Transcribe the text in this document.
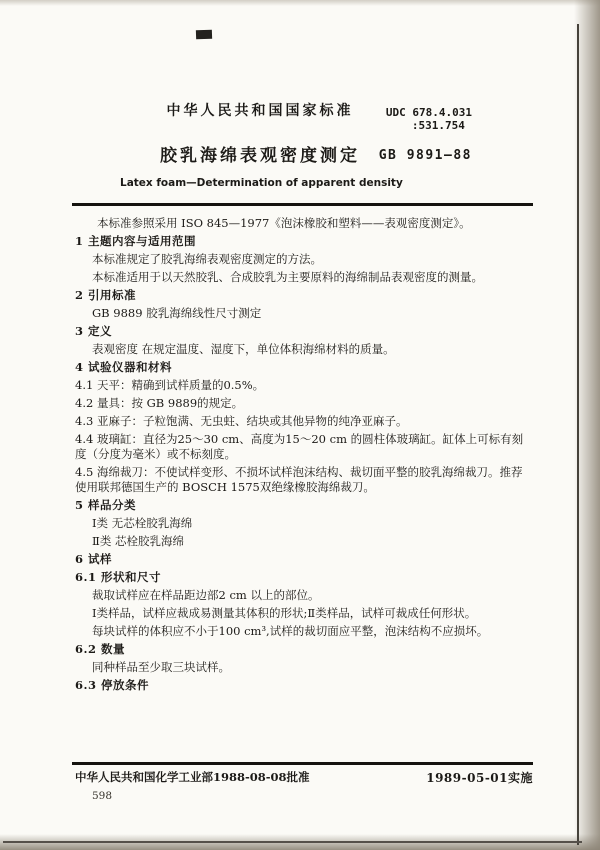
中华人民共和国国家标准	UDC 678.4.031
:531.754
胶乳海绵表观密度测定	GB 9891—88
Latex foam—Determination of apparent density

本标准参照采用 ISO 845—1977《泡沫橡胶和塑料——表观密度测定》。

1 主题内容与适用范围

本标准规定了胶乳海绵表观密度测定的方法。

本标准适用于以天然胶乳、合成胶乳为主要原料的海绵制品表观密度的测量。

2 引用标准

GB 9889 胶乳海绵线性尺寸测定

3 定义

表观密度 在规定温度、湿度下，单位体积海绵材料的质量。

4 试验仪器和材料

4.1 天平：精确到试样质量的0.5%。

4.2 量具：按 GB 9889的规定。

4.3 亚麻子：子粒饱满、无虫蛀、结块或其他异物的纯净亚麻子。

4.4 玻璃缸：直径为25～30 cm、高度为15～20 cm 的圆柱体玻璃缸。缸体上可标有刻度（分度为毫米）或不标刻度。

4.5 海绵裁刀：不使试样变形、不损坏试样泡沫结构、裁切面平整的胶乳海绵裁刀。推荐使用联邦德国生产的 BOSCH 1575双绝缘橡胶海绵裁刀。

5 样品分类

Ⅰ类 无芯栓胶乳海绵

Ⅱ类 芯栓胶乳海绵

6 试样

6.1 形状和尺寸

裁取试样应在样品距边部2 cm 以上的部位。

Ⅰ类样品，试样应裁成易测量其体积的形状;Ⅱ类样品，试样可裁成任何形状。

每块试样的体积应不小于100 cm³,试样的裁切面应平整，泡沫结构不应损坏。

6.2 数量

同种样品至少取三块试样。

6.3 停放条件

中华人民共和国化学工业部1988-08-08批准	1989-05-01实施
598
